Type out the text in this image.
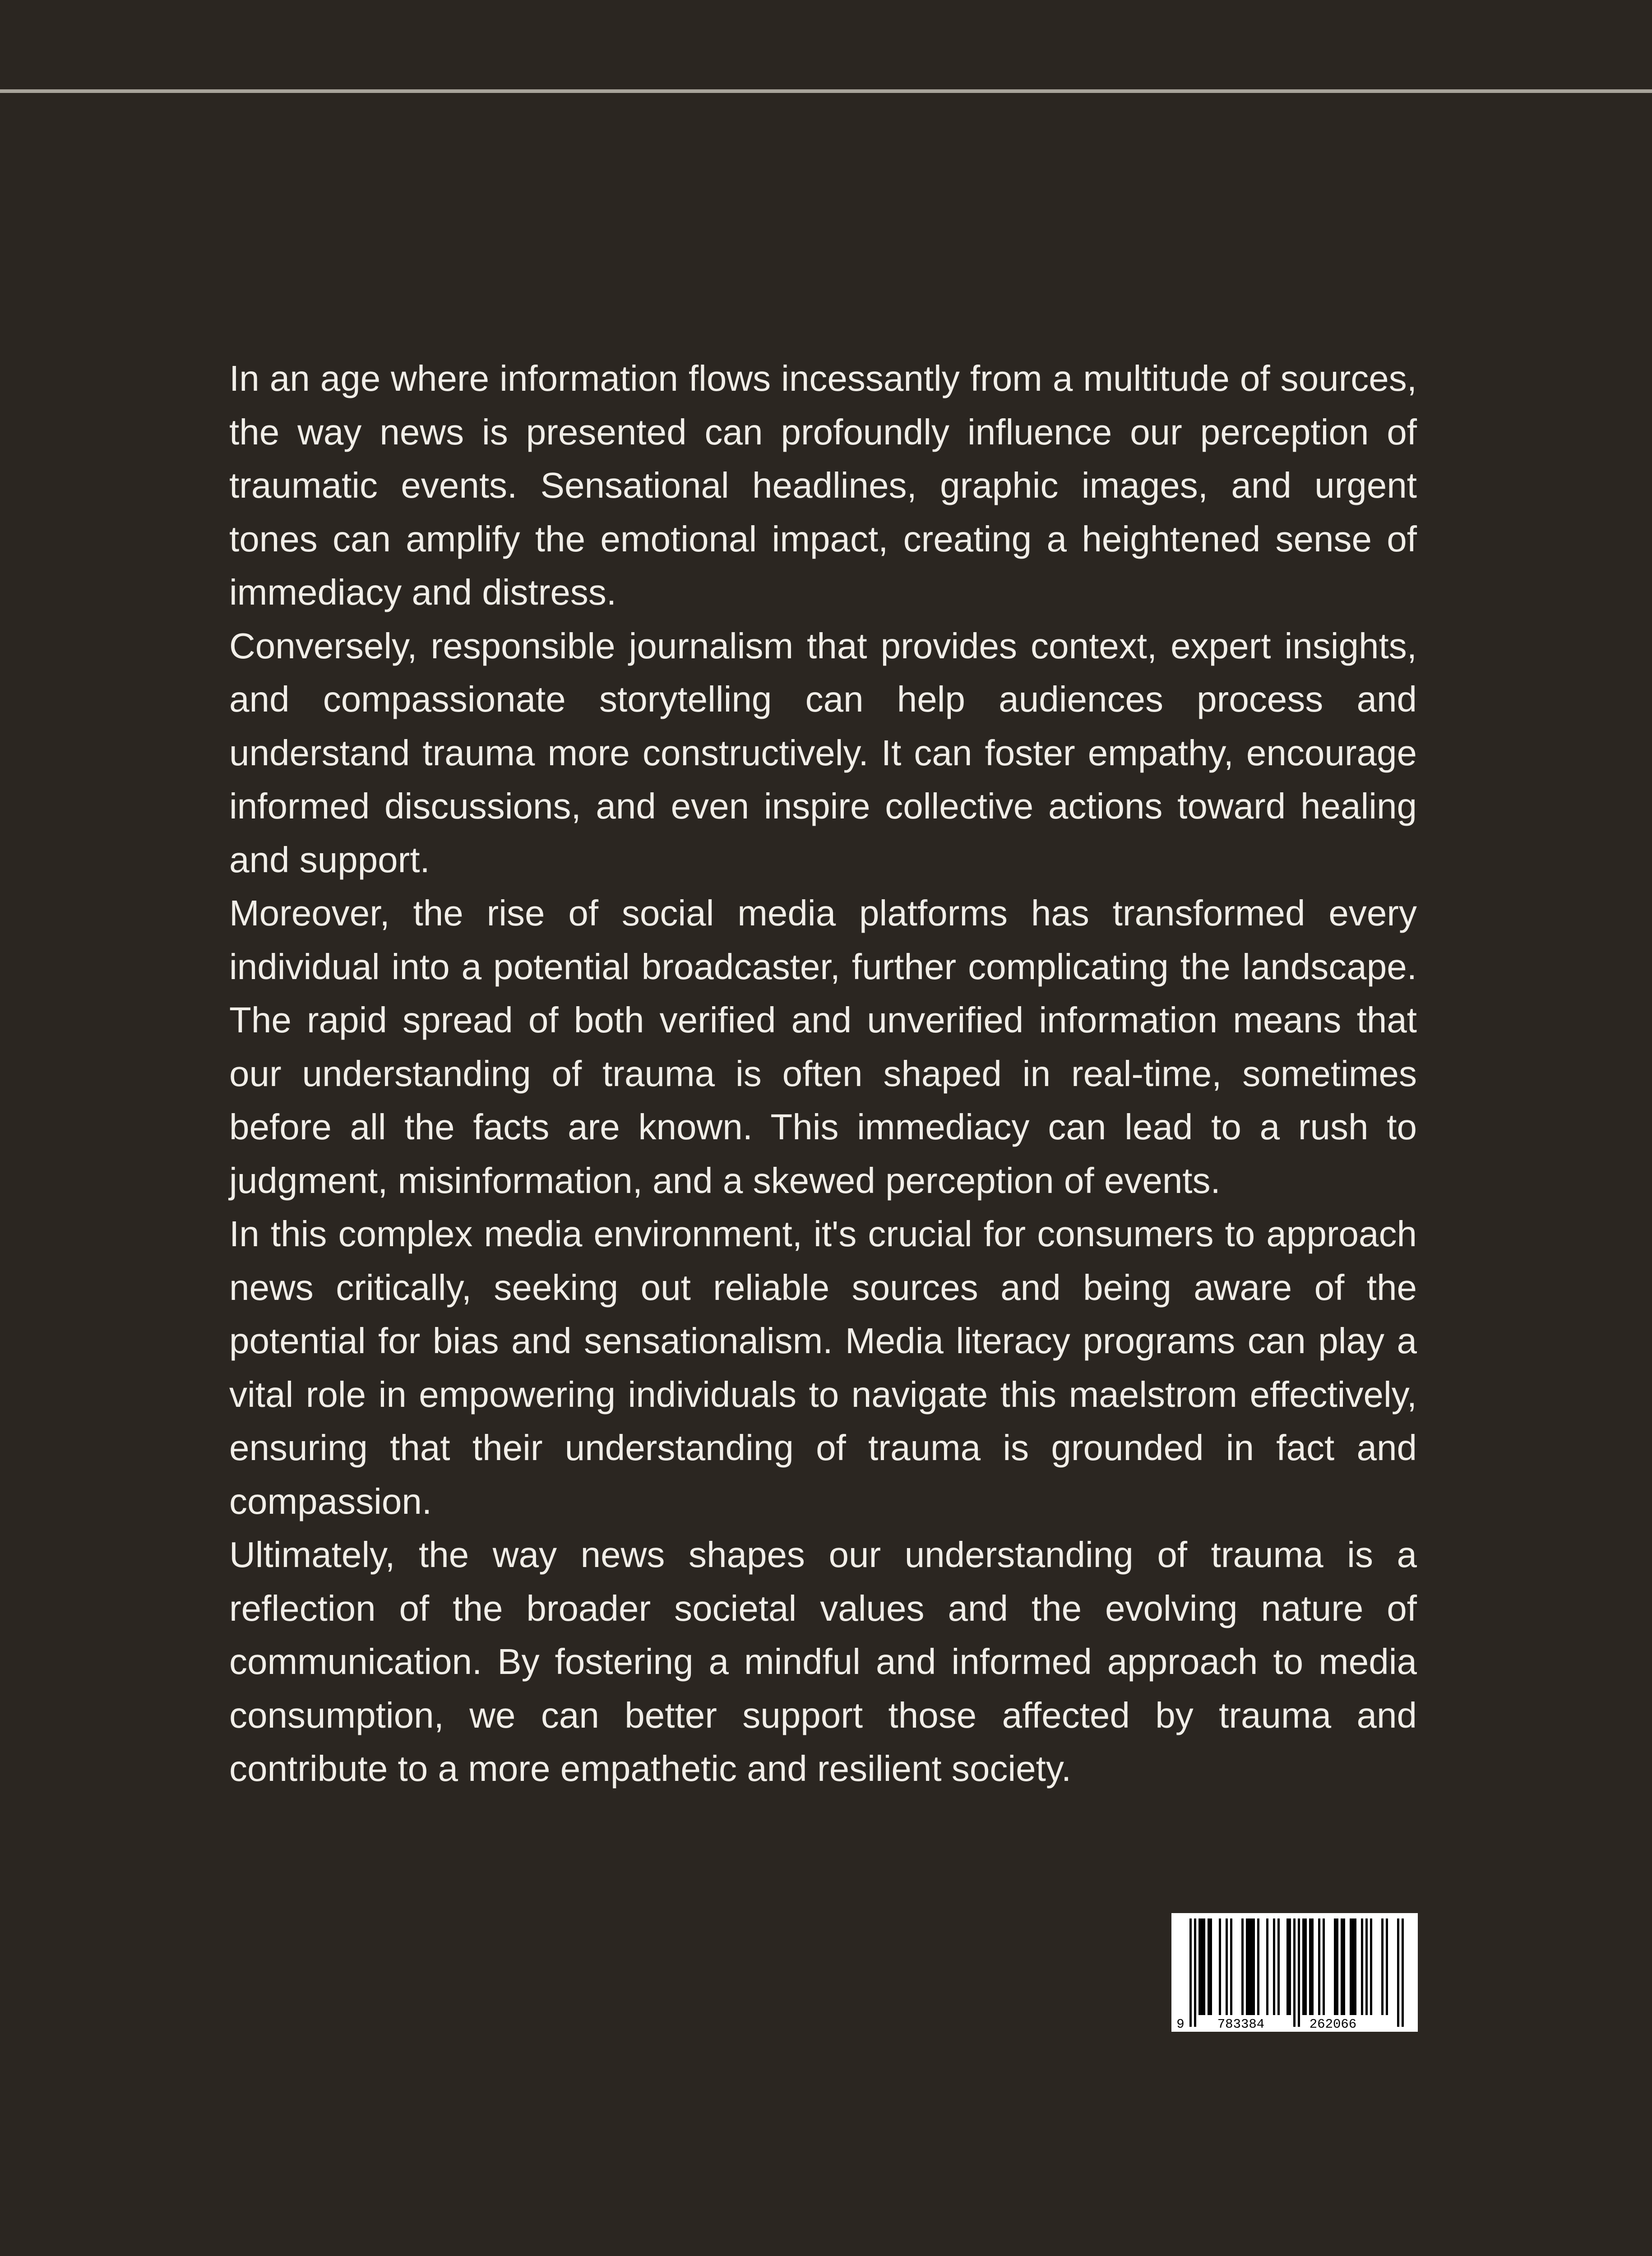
In an age where information flows incessantly from a multitude of sources, the way news is presented can profoundly influence our perception of traumatic events. Sensational headlines, graphic images, and urgent tones can amplify the emotional impact, creating a heightened sense of immediacy and distress.

Conversely, responsible journalism that provides context, expert insights, and compassionate storytelling can help audiences process and understand trauma more constructively. It can foster empathy, encourage informed discussions, and even inspire collective actions toward healing and support.

Moreover, the rise of social media platforms has transformed every individual into a potential broadcaster, further complicating the landscape. The rapid spread of both verified and unverified information means that our understanding of trauma is often shaped in real-time, sometimes before all the facts are known. This immediacy can lead to a rush to judgment, misinformation, and a skewed perception of events.

In this complex media environment, it's crucial for consumers to approach news critically, seeking out reliable sources and being aware of the potential for bias and sensationalism. Media literacy programs can play a vital role in empowering individuals to navigate this maelstrom effectively, ensuring that their understanding of trauma is grounded in fact and compassion.

Ultimately, the way news shapes our understanding of trauma is a reflection of the broader societal values and the evolving nature of communication. By fostering a mindful and informed approach to media consumption, we can better support those affected by trauma and contribute to a more empathetic and resilient society.

9	783384	262066
